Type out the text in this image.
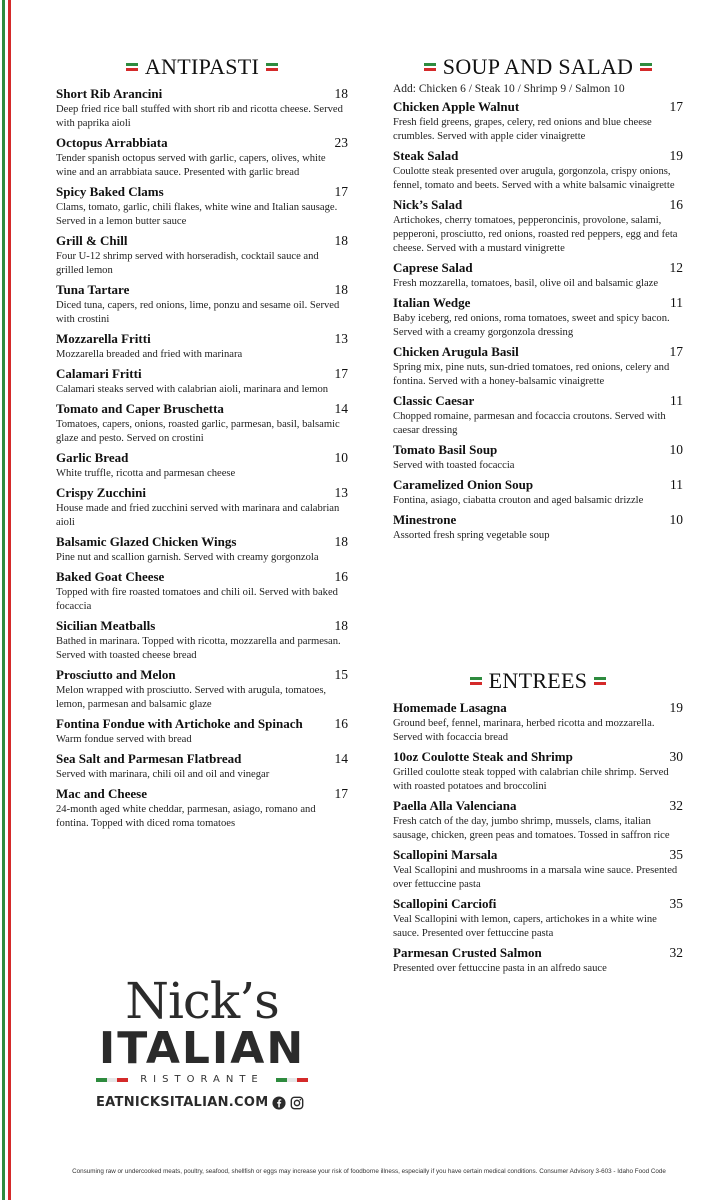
ANTIPASTI
Short Rib Arancini	18
Deep fried rice ball stuffed with short rib and ricotta cheese. Served with paprika aioli
Octopus Arrabbiata	23
Tender spanish octopus served with garlic, capers, olives, white wine and an arrabbiata sauce. Presented with garlic bread
Spicy Baked Clams	17
Clams, tomato, garlic, chili flakes, white wine and Italian sausage. Served in a lemon butter sauce
Grill & Chill	18
Four U-12 shrimp served with horseradish, cocktail sauce and grilled lemon
Tuna Tartare	18
Diced tuna, capers, red onions, lime, ponzu and sesame oil. Served with crostini
Mozzarella Fritti	13
Mozzarella breaded and fried with marinara
Calamari Fritti	17
Calamari steaks served with calabrian aioli, marinara and lemon
Tomato and Caper Bruschetta	14
Tomatoes, capers, onions, roasted garlic, parmesan, basil, balsamic glaze and pesto. Served on crostini
Garlic Bread	10
White truffle, ricotta and parmesan cheese
Crispy Zucchini	13
House made and fried zucchini served with marinara and calabrian aioli
Balsamic Glazed Chicken Wings	18
Pine nut and scallion garnish. Served with creamy gorgonzola
Baked Goat Cheese	16
Topped with fire roasted tomatoes and chili oil. Served with baked focaccia
Sicilian Meatballs	18
Bathed in marinara. Topped with ricotta, mozzarella and parmesan. Served with toasted cheese bread
Prosciutto and Melon	15
Melon wrapped with prosciutto. Served with arugula, tomatoes, lemon, parmesan and balsamic glaze
Fontina Fondue with Artichoke and Spinach	16
Warm fondue served with bread
Sea Salt and Parmesan Flatbread	14
Served with marinara, chili oil and oil and vinegar
Mac and Cheese	17
24-month aged white cheddar, parmesan, asiago, romano and fontina. Topped with diced roma tomatoes
SOUP AND SALAD
Add: Chicken 6 / Steak 10 / Shrimp 9 / Salmon 10
Chicken Apple Walnut	17
Fresh field greens, grapes, celery, red onions and blue cheese crumbles. Served with apple cider vinaigrette
Steak Salad	19
Coulotte steak presented over arugula, gorgonzola, crispy onions, fennel, tomato and beets. Served with a white balsamic vinaigrette
Nick’s Salad	16
Artichokes, cherry tomatoes, pepperoncinis, provolone, salami, pepperoni, prosciutto, red onions, roasted red peppers, egg and feta cheese. Served with a mustard vinigrette
Caprese Salad	12
Fresh mozzarella, tomatoes, basil, olive oil and balsamic glaze
Italian Wedge	11
Baby iceberg, red onions, roma tomatoes, sweet and spicy bacon. Served with a creamy gorgonzola dressing
Chicken Arugula Basil	17
Spring mix, pine nuts, sun-dried tomatoes, red onions, celery and fontina. Served with a honey-balsamic vinaigrette
Classic Caesar	11
Chopped romaine, parmesan and focaccia croutons. Served with caesar dressing
Tomato Basil Soup	10
Served with toasted focaccia
Caramelized Onion Soup	11
Fontina, asiago, ciabatta crouton and aged balsamic drizzle
Minestrone	10
Assorted fresh spring vegetable soup
ENTREES
Homemade Lasagna	19
Ground beef, fennel, marinara, herbed ricotta and mozzarella. Served with focaccia bread
10oz Coulotte Steak and Shrimp	30
Grilled coulotte steak topped with calabrian chile shrimp. Served with roasted potatoes and broccolini
Paella Alla Valenciana	32
Fresh catch of the day, jumbo shrimp, mussels, clams, italian sausage, chicken, green peas and tomatoes. Tossed in saffron rice
Scallopini Marsala	35
Veal Scallopini and mushrooms in a marsala wine sauce. Presented over fettuccine pasta
Scallopini Carciofi	35
Veal Scallopini with lemon, capers, artichokes in a white wine sauce. Presented over fettuccine pasta
Parmesan Crusted Salmon	32
Presented over fettuccine pasta in an alfredo sauce
Nick’s
ITALIAN
RISTORANTE
EATNICKSITALIAN.COM
Consuming raw or undercooked meats, poultry, seafood, shellfish or eggs may increase your risk of foodborne illness, especially if you have certain medical conditions. Consumer Advisory 3-603 - Idaho Food Code
